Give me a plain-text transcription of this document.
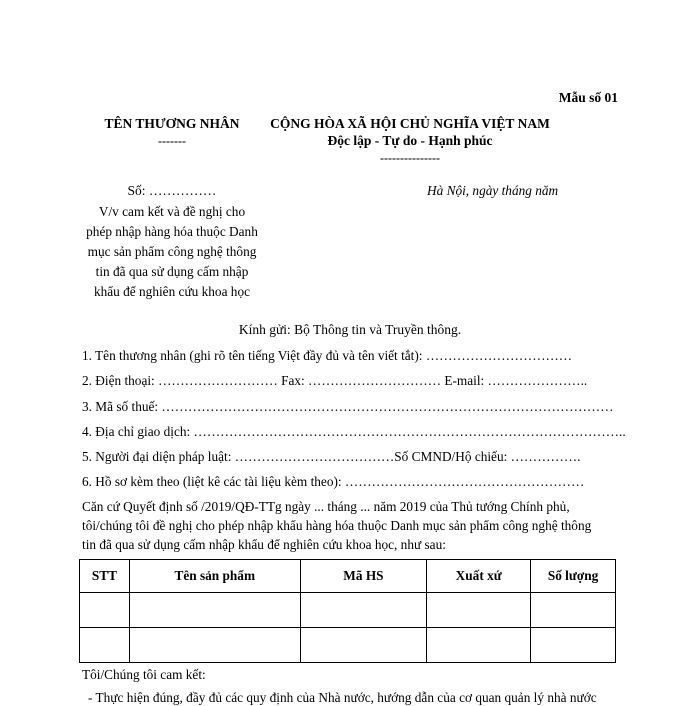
Mẫu số 01
TÊN THƯƠNG NHÂN
-------
CỘNG HÒA XÃ HỘI CHỦ NGHĨA VIỆT NAM
Độc lập - Tự do - Hạnh phúc
---------------
Số: ……………	Hà Nội, ngày tháng năm
V/v cam kết và đề nghị cho
phép nhập hàng hóa thuộc Danh
mục sản phẩm công nghệ thông
tin đã qua sử dụng cấm nhập
khẩu để nghiên cứu khoa học
Kính gửi: Bộ Thông tin và Truyền thông.
1. Tên thương nhân (ghi rõ tên tiếng Việt đầy đủ và tên viết tắt): ……………………………
2. Điện thoại: ……………………… Fax: ………………………… E-mail: …………………..
3. Mã số thuế: …………………………………………………………………………………………
4. Địa chỉ giao dịch: ……………………………………………………………………………………..
5. Người đại diện pháp luật: ………………………………Số CMND/Hộ chiếu: …………….
6. Hồ sơ kèm theo (liệt kê các tài liệu kèm theo): ………………………………………………
Căn cứ Quyết định số /2019/QĐ-TTg ngày ... tháng ... năm 2019 của Thủ tướng Chính phủ,
tôi/chúng tôi đề nghị cho phép nhập khẩu hàng hóa thuộc Danh mục sản phẩm công nghệ thông
tin đã qua sử dụng cấm nhập khẩu để nghiên cứu khoa học, như sau:
STT	Tên sản phẩm	Mã HS	Xuất xứ	Số lượng

Tôi/Chúng tôi cam kết:
- Thực hiện đúng, đầy đủ các quy định của Nhà nước, hướng dẫn của cơ quan quản lý nhà nước
